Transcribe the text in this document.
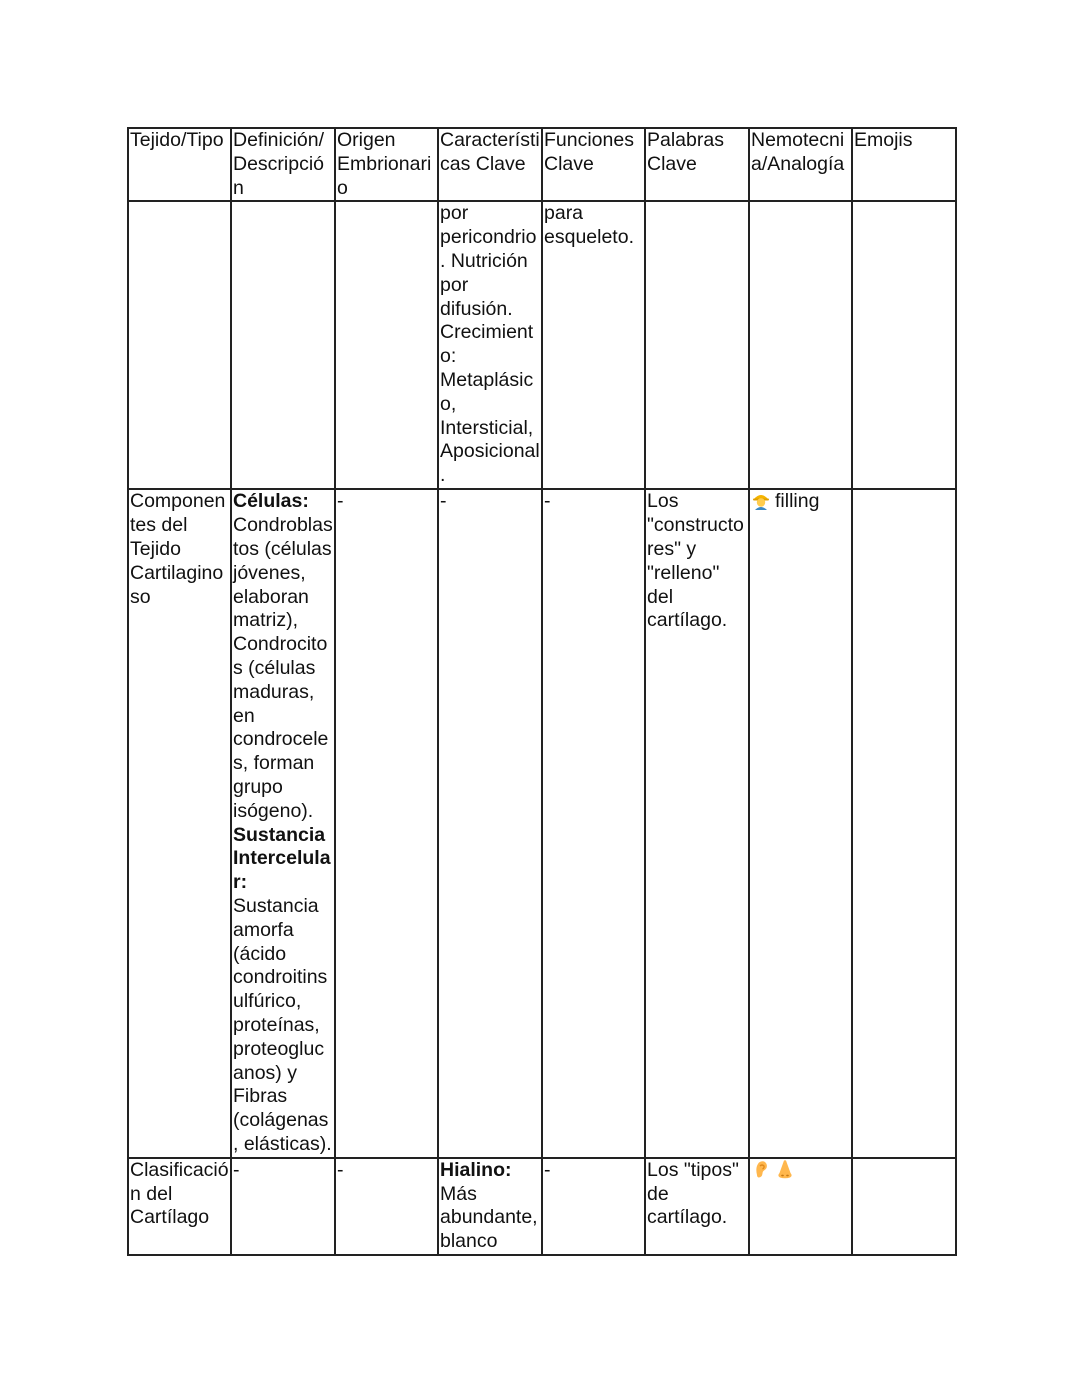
Tejido/Tipo	Definición/ Descripción	Origen Embrionario	Características Clave	Funciones Clave	Palabras Clave	Nemotecnia/Analogía	Emojis
			por pericondrio. Nutrición por difusión. Crecimiento: Metaplásico, Intersticial, Aposicional.	para esqueleto.			
Componentes del Tejido Cartilaginoso	Células: Condroblastos (células jóvenes, elaboran matriz), Condrocitos (células maduras, en condroceles, forman grupo isógeno). Sustancia Intercelular: Sustancia amorfa (ácido condroitinsulfúrico, proteínas, proteoglucanos) y Fibras (colágenas, elásticas).	-	-	-	Los "constructores" y "relleno" del cartílago.	filling	
Clasificación del Cartílago	-	-	Hialino: Más abundante, blanco	-	Los "tipos" de cartílago.		
